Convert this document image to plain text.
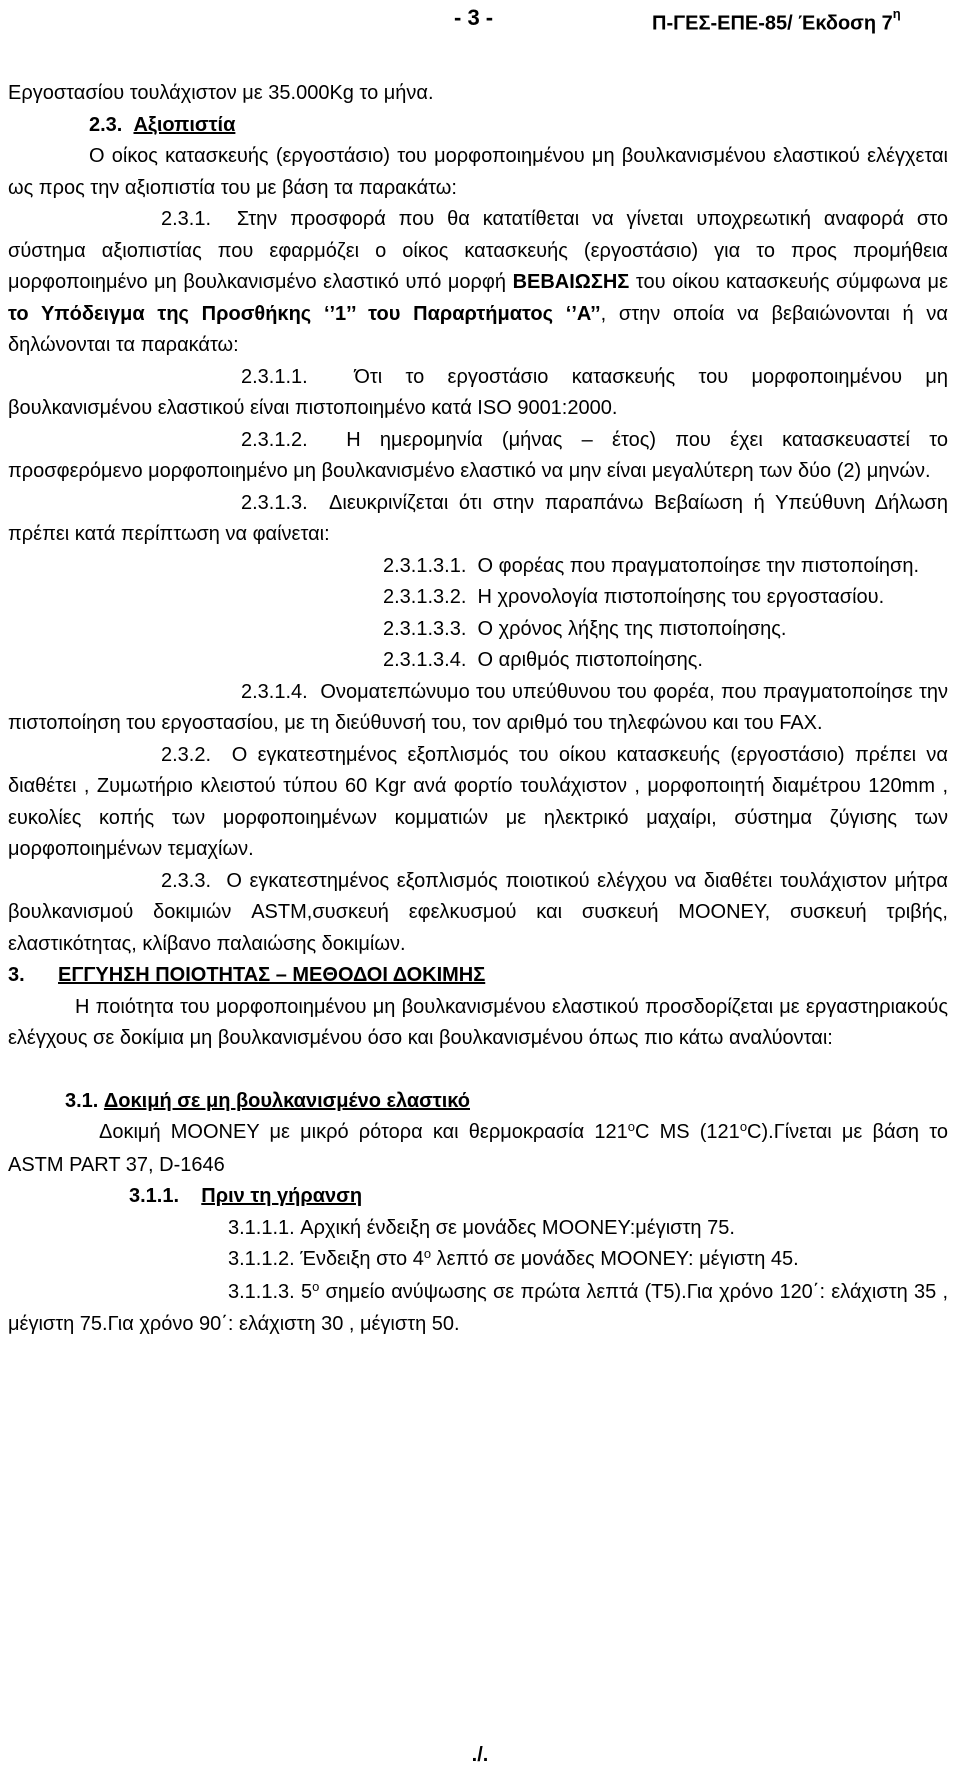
- 3 -	Π-ΓΕΣ-ΕΠΕ-85/ Έκδοση $7^\eta$

Εργοστασίου τουλάχιστον με 35.000Kg το μήνα.

2.3. Αξιοπιστία

Ο οίκος κατασκευής (εργοστάσιο) του μορφοποιημένου μη βουλκανισμένου ελαστικού ελέγχεται ως προς την αξιοπιστία του με βάση τα παρακάτω:

2.3.1. Στην προσφορά που θα κατατίθεται να γίνεται υποχρεωτική αναφορά στο σύστημα αξιοπιστίας που εφαρμόζει ο οίκος κατασκευής (εργοστάσιο) για το προς προμήθεια μορφοποιημένο μη βουλκανισμένο ελαστικό υπό μορφή ΒΕΒΑΙΩΣΗΣ του οίκου κατασκευής σύμφωνα με το Υπόδειγμα της Προσθήκης ‘’1’’ του Παραρτήματος ‘’Α’’, στην οποία να βεβαιώνονται ή να δηλώνονται τα παρακάτω:

2.3.1.1. Ότι το εργοστάσιο κατασκευής του μορφοποιημένου μη βουλκανισμένου ελαστικού είναι πιστοποιημένο κατά ISO 9001:2000.

2.3.1.2. Η ημερομηνία (μήνας – έτος) που έχει κατασκευαστεί το προσφερόμενο μορφοποιημένο μη βουλκανισμένο ελαστικό να μην είναι μεγαλύτερη των δύο (2) μηνών.

2.3.1.3. Διευκρινίζεται ότι στην παραπάνω Βεβαίωση ή Υπεύθυνη Δήλωση πρέπει κατά περίπτωση να φαίνεται:

2.3.1.3.1. Ο φορέας που πραγματοποίησε την πιστοποίηση.

2.3.1.3.2. Η χρονολογία πιστοποίησης του εργοστασίου.

2.3.1.3.3. Ο χρόνος λήξης της πιστοποίησης.

2.3.1.3.4. Ο αριθμός πιστοποίησης.

2.3.1.4. Ονοματεπώνυμο του υπεύθυνου του φορέα, που πραγματοποίησε την πιστοποίηση του εργοστασίου, με τη διεύθυνσή του, τον αριθμό του τηλεφώνου και του FAX.

2.3.2. Ο εγκατεστημένος εξοπλισμός του οίκου κατασκευής (εργοστάσιο) πρέπει να διαθέτει , Ζυμωτήριο κλειστού τύπου 60 Kgr ανά φορτίο τουλάχιστον , μορφοποιητή διαμέτρου 120mm , ευκολίες κοπής των μορφοποιημένων κομματιών με ηλεκτρικό μαχαίρι, σύστημα ζύγισης των μορφοποιημένων τεμαχίων.

2.3.3. Ο εγκατεστημένος εξοπλισμός ποιοτικού ελέγχου να διαθέτει τουλάχιστον μήτρα βουλκανισμού δοκιμιών ASTM,συσκευή εφελκυσμού και συσκευή MOONEY, συσκευή τριβής, ελαστικότητας, κλίβανο παλαιώσης δοκιμίων.

3. ΕΓΓΥΗΣΗ ΠΟΙΟΤΗΤΑΣ – ΜΕΘΟΔΟΙ ΔΟΚΙΜΗΣ

Η ποιότητα του μορφοποιημένου μη βουλκανισμένου ελαστικού προσδορίζεται με εργαστηριακούς ελέγχους σε δοκίμια μη βουλκανισμένου όσο και βουλκανισμένου όπως πιο κάτω αναλύονται:

3.1. Δοκιμή σε μη βουλκανισμένο ελαστικό

Δοκιμή MOONEY με μικρό ρότορα και θερμοκρασία $121^oC$ MS $(121^oC).\Gamma ί\nu\varepsilon\tau\alpha\iota$ με βάση το ASTM PART 37, D-1646

3.1.1. Πριν τη γήρανση

3.1.1.1. Αρχική ένδειξη σε μονάδες MOONEY:μέγιστη 75.

3.1.1.2. Ένδειξη στο $4^o$ λεπτό σε μονάδες MOONEY: μέγιστη 45.

3.1.1.3. $5^o$ σημείο ανύψωσης σε πρώτα λεπτά (Τ5).Για χρόνο 120΄: ελάχιστη 35 , μέγιστη 75.Για χρόνο 90΄: ελάχιστη 30 , μέγιστη 50.

./.
